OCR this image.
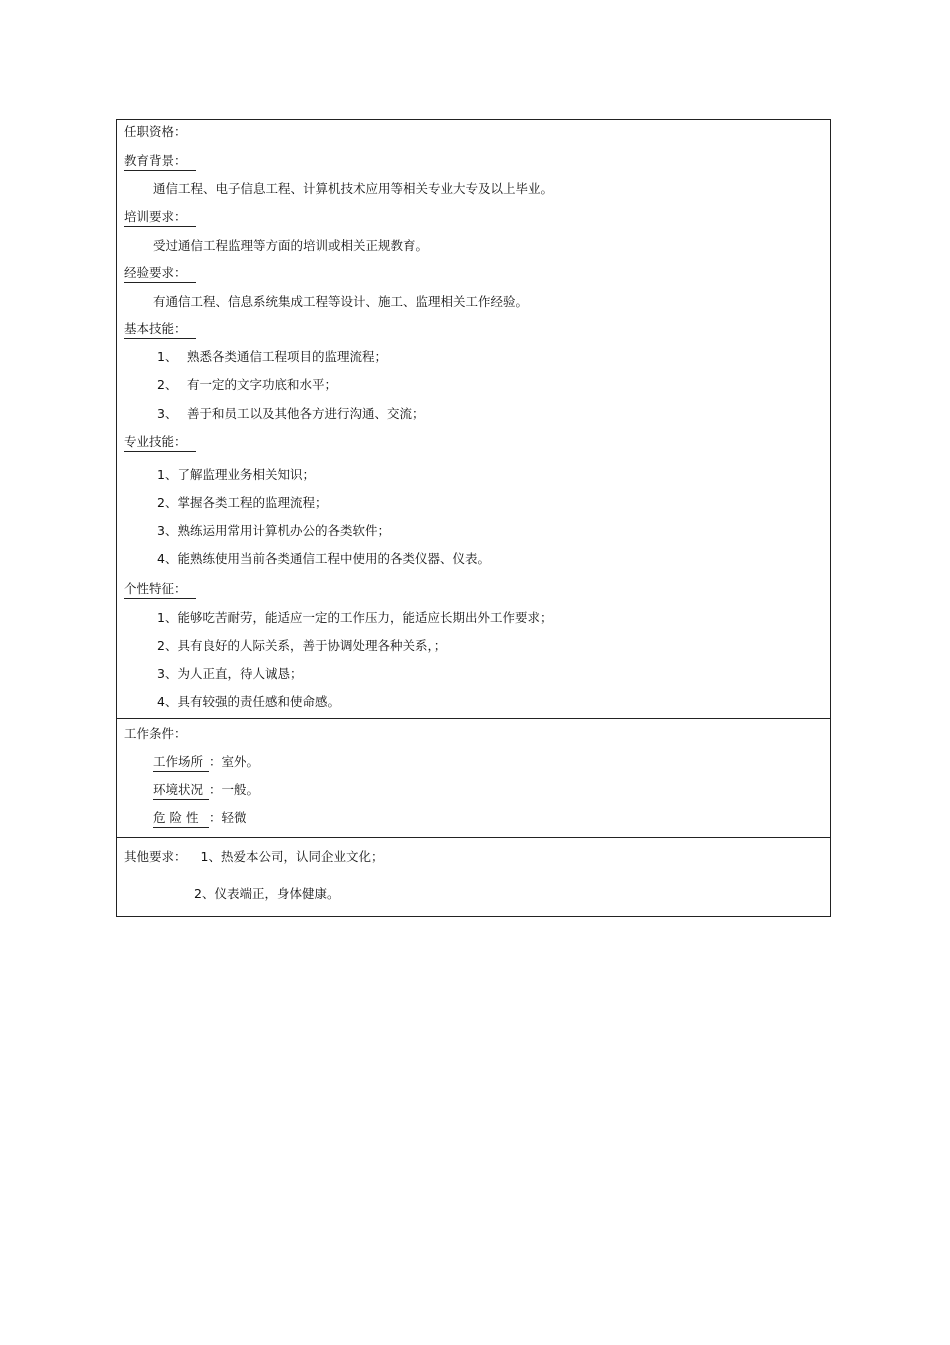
任职资格：
教育背景：
通信工程、电子信息工程、计算机技术应用等相关专业大专及以上毕业。
培训要求：
受过通信工程监理等方面的培训或相关正规教育。
经验要求：
有通信工程、信息系统集成工程等设计、施工、监理相关工作经验。
基本技能：
1、 熟悉各类通信工程项目的监理流程；
2、 有一定的文字功底和水平；
3、 善于和员工以及其他各方进行沟通、交流；
专业技能：
1、了解监理业务相关知识；
2、掌握各类工程的监理流程；
3、熟练运用常用计算机办公的各类软件；
4、能熟练使用当前各类通信工程中使用的各类仪器、仪表。
个性特征：
1、能够吃苦耐劳，能适应一定的工作压力，能适应长期出外工作要求；
2、具有良好的人际关系，善于协调处理各种关系，；
3、为人正直，待人诚恳；
4、具有较强的责任感和使命感。
工作条件：
工作场所 ：室外。
环境状况 ：一般。
危 险 性 ：轻微
其他要求： 1、热爱本公司，认同企业文化；
2、仪表端正，身体健康。
